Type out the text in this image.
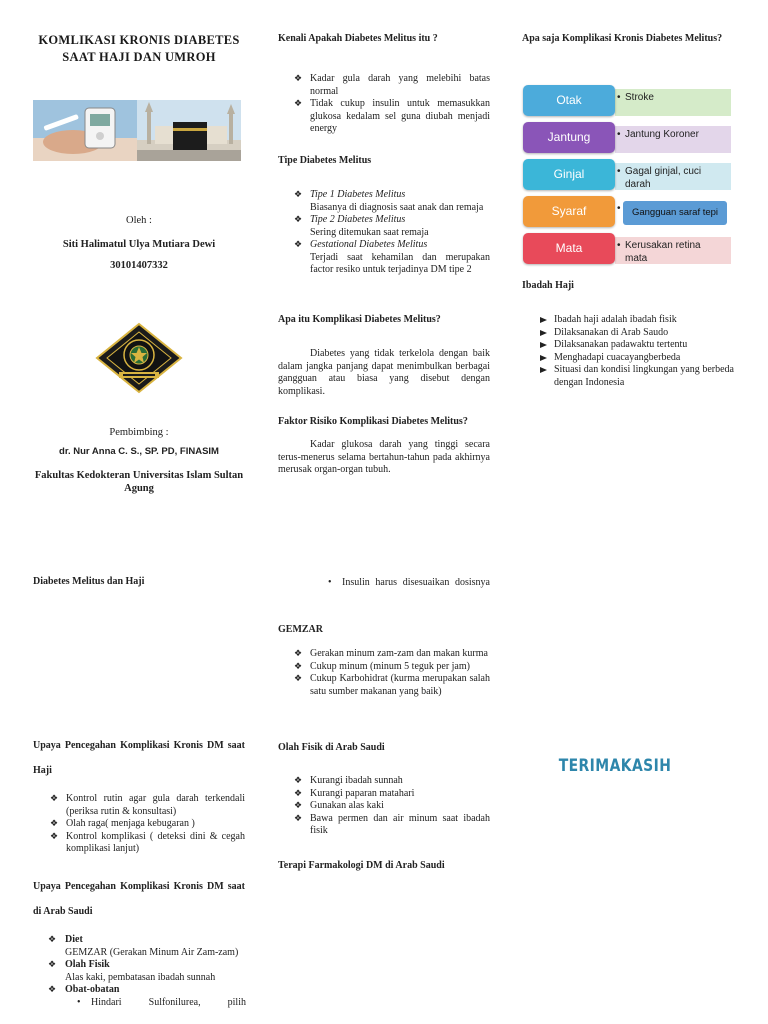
KOMLIKASI KRONIS DIABETES SAAT HAJI DAN UMROH
Oleh :
Siti Halimatul Ulya Mutiara Dewi
30101407332
Pembimbing :
dr. Nur Anna C. S., SP. PD, FINASIM
Fakultas Kedokteran Universitas Islam Sultan Agung
Diabetes Melitus dan Haji
Upaya Pencegahan Komplikasi Kronis DM saat Haji
❖ Kontrol rutin agar gula darah terkendali (periksa rutin & konsultasi)
❖ Olah raga( menjaga kebugaran )
❖ Kontrol komplikasi ( deteksi dini & cegah komplikasi lanjut)
Upaya Pencegahan Komplikasi Kronis DM saat di Arab Saudi
❖ Diet
GEMZAR (Gerakan Minum Air Zam-zam)
❖ Olah Fisik
Alas kaki, pembatasan ibadah sunnah
❖ Obat-obatan
• Hindari Sulfonilurea, pilih
Kenali Apakah Diabetes Melitus itu ?
❖ Kadar gula darah yang melebihi batas normal
❖ Tidak cukup insulin untuk memasukkan glukosa kedalam sel guna diubah menjadi energy
Tipe Diabetes Melitus
❖ Tipe 1 Diabetes Melitus
Biasanya di diagnosis saat anak dan remaja
❖ Tipe 2 Diabetes Melitus
Sering ditemukan saat remaja
❖ Gestational Diabetes Melitus
Terjadi saat kehamilan dan merupakan factor resiko untuk terjadinya DM tipe 2
Apa itu Komplikasi Diabetes Melitus?
Diabetes yang tidak terkelola dengan baik dalam jangka panjang dapat menimbulkan berbagai gangguan atau biasa yang disebut dengan komplikasi.
Faktor Risiko Komplikasi Diabetes Melitus?
Kadar glukosa darah yang tinggi secara terus-menerus selama bertahun-tahun pada akhirnya merusak organ-organ tubuh.
• Insulin harus disesuaikan dosisnya
GEMZAR
❖ Gerakan minum zam-zam dan makan kurma
❖ Cukup minum (minum 5 teguk per jam)
❖ Cukup Karbohidrat (kurma merupakan salah satu sumber makanan yang baik)
Olah Fisik di Arab Saudi
❖ Kurangi ibadah sunnah
❖ Kurangi paparan matahari
❖ Gunakan alas kaki
❖ Bawa permen dan air minum saat ibadah fisik
Terapi Farmakologi DM di Arab Saudi
Apa saja Komplikasi Kronis Diabetes Melitus?
• Stroke
Otak
• Jantung Koroner
Jantung
• Gagal ginjal, cuci darah
Ginjal
• Gangguan saraf tepi
Syaraf
• Kerusakan retina mata
Mata
Ibadah Haji
Ibadah haji adalah ibadah fisik
Dilaksanakan di Arab Saudo
Dilaksanakan padawaktu tertentu
Menghadapi cuacayangberbeda
Situasi dan kondisi lingkungan yang berbeda dengan Indonesia
TERIMAKASIH
